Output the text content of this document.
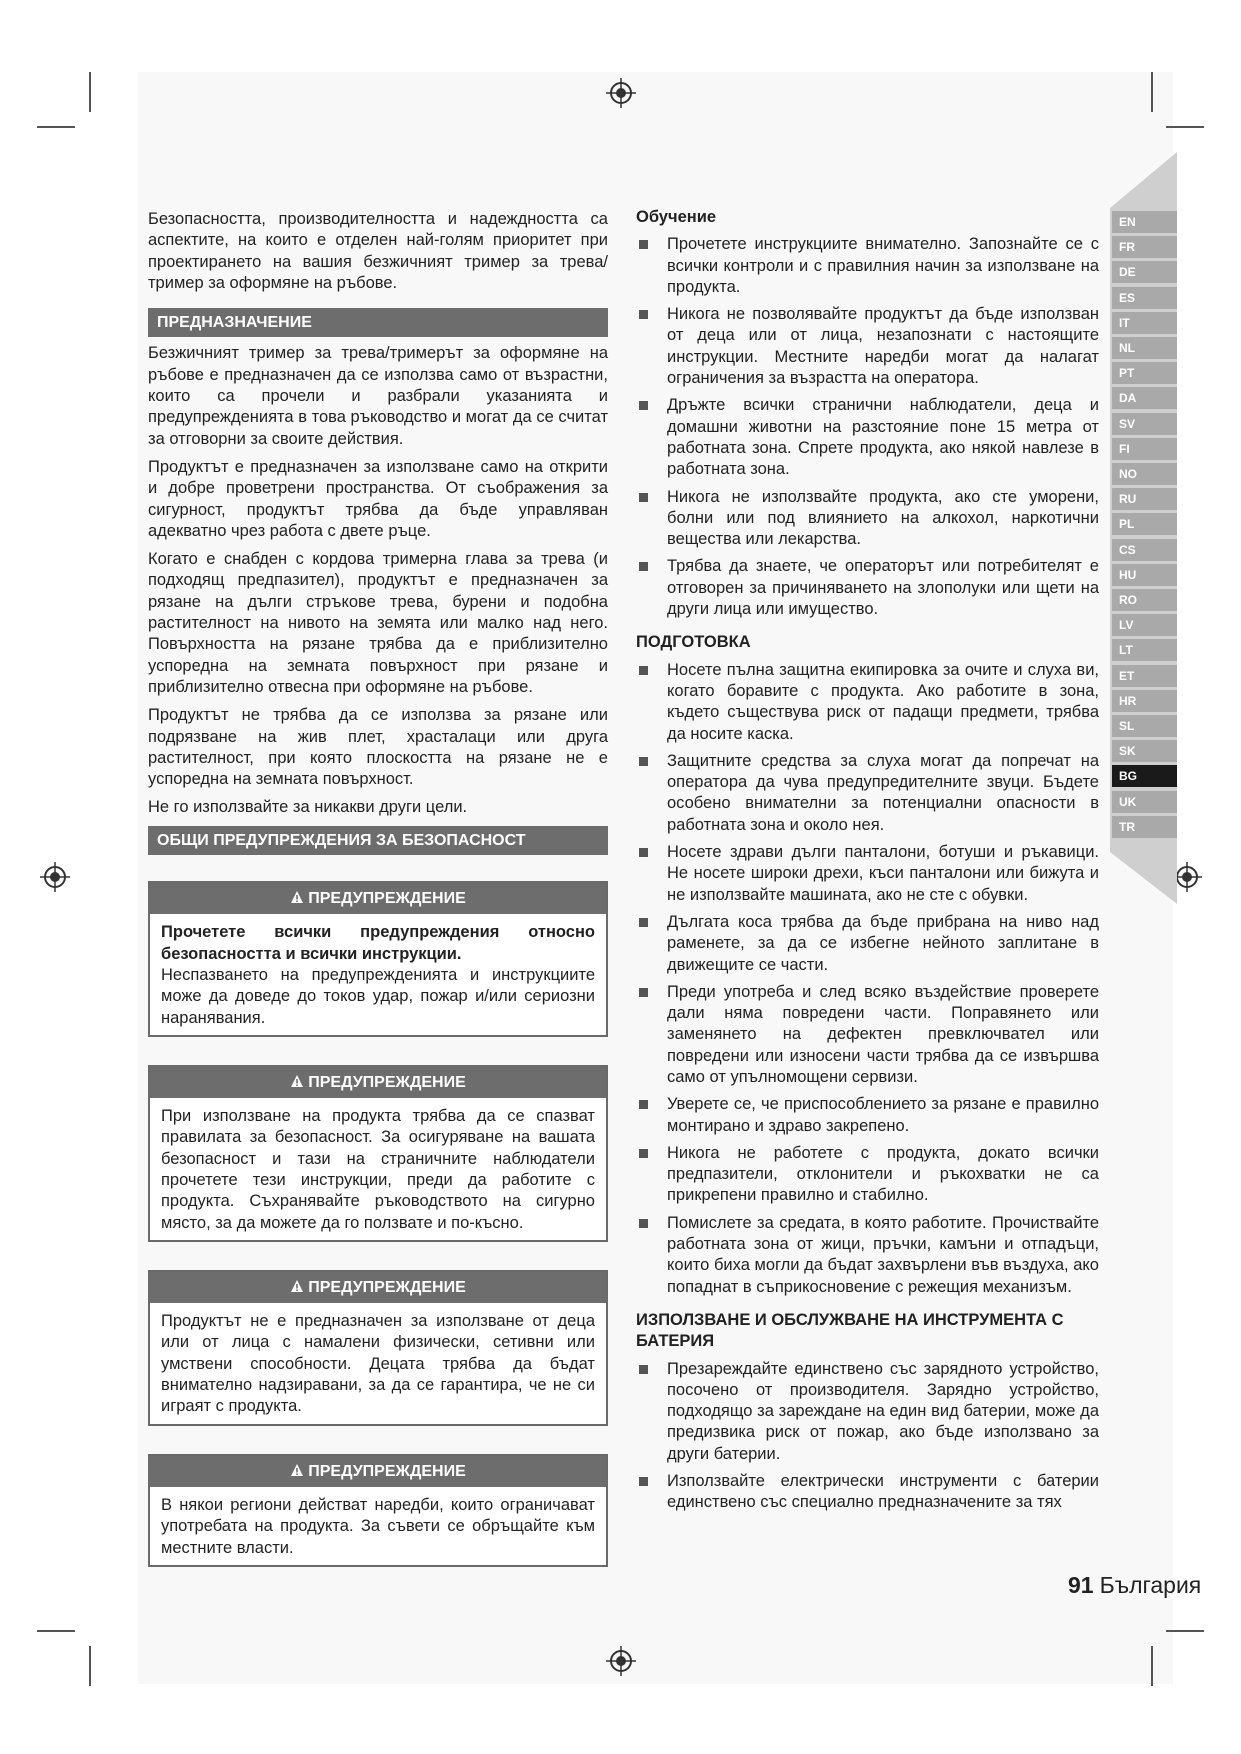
EN
FR
DE
ES
IT
NL
PT
DA
SV
FI
NO
RU
PL
CS
HU
RO
LV
LT
ET
HR
SL
SK
BG
UK
TR

Безопасността, производителността и надеждността са аспектите, на които е отделен най-голям приоритет при проектирането на вашия безжичният тример за трева/тример за оформяне на ръбове.

ПРЕДНАЗНАЧЕНИЕ

Безжичният тример за трева/тримерът за оформяне на ръбове е предназначен да се използва само от възрастни, които са прочели и разбрали указанията и предупрежденията в това ръководство и могат да се считат за отговорни за своите действия.

Продуктът е предназначен за използване само на открити и добре проветрени пространства. От съображения за сигурност, продуктът трябва да бъде управляван адекватно чрез работа с двете ръце.

Когато е снабден с кордова тримерна глава за трева (и подходящ предпазител), продуктът е предназначен за рязане на дълги стръкове трева, бурени и подобна растителност на нивото на земята или малко над него. Повърхността на рязане трябва да е приблизително успоредна на земната повърхност при рязане и приблизително отвесна при оформяне на ръбове.

Продуктът не трябва да се използва за рязане или подрязване на жив плет, храсталаци или друга растителност, при която плоскостта на рязане не е успоредна на земната повърхност.

Не го използвайте за никакви други цели.

ОБЩИ ПРЕДУПРЕЖДЕНИЯ ЗА БЕЗОПАСНОСТ
ПРЕДУПРЕЖДЕНИЕ

Прочетете всички предупреждения относно безопасността и всички инструкции.

Неспазването на предупрежденията и инструкциите може да доведе до токов удар, пожар и/или сериозни наранявания.

ПРЕДУПРЕЖДЕНИЕ

При използване на продукта трябва да се спазват правилата за безопасност. За осигуряване на вашата безопасност и тази на страничните наблюдатели прочетете тези инструкции, преди да работите с продукта. Съхранявайте ръководството на сигурно място, за да можете да го ползвате и по-късно.

ПРЕДУПРЕЖДЕНИЕ

Продуктът не е предназначен за използване от деца или от лица с намалени физически, сетивни или умствени способности. Децата трябва да бъдат внимателно надзиравани, за да се гарантира, че не си играят с продукта.

ПРЕДУПРЕЖДЕНИЕ

В някои региони действат наредби, които ограничават употребата на продукта. За съвети се обръщайте към местните власти.

Обучение
Прочетете инструкциите внимателно. Запознайте се с всички контроли и с правилния начин за използване на продукта.
Никога не позволявайте продуктът да бъде използван от деца или от лица, незапознати с настоящите инструкции. Местните наредби могат да налагат ограничения за възрастта на оператора.
Дръжте всички странични наблюдатели, деца и домашни животни на разстояние поне 15 метра от работната зона. Спрете продукта, ако някой навлезе в работната зона.
Никога не използвайте продукта, ако сте уморени, болни или под влиянието на алкохол, наркотични вещества или лекарства.
Трябва да знаете, че операторът или потребителят е отговорен за причиняването на злополуки или щети на други лица или имущество.
ПОДГОТОВКА
Носете пълна защитна екипировка за очите и слуха ви, когато боравите с продукта. Ако работите в зона, където съществува риск от падащи предмети, трябва да носите каска.
Защитните средства за слуха могат да попречат на оператора да чува предупредителните звуци. Бъдете особено внимателни за потенциални опасности в работната зона и около нея.
Носете здрави дълги панталони, ботуши и ръкавици. Не носете широки дрехи, къси панталони или бижута и не използвайте машината, ако не сте с обувки.
Дългата коса трябва да бъде прибрана на ниво над раменете, за да се избегне нейното заплитане в движещите се части.
Преди употреба и след всяко въздействие проверете дали няма повредени части. Поправянето или заменянето на дефектен превключвател или повредени или износени части трябва да се извършва само от упълномощени сервизи.
Уверете се, че приспособлението за рязане е правилно монтирано и здраво закрепено.
Никога не работете с продукта, докато всички предпазители, отклонители и ръкохватки не са прикрепени правилно и стабилно.
Помислете за средата, в която работите. Прочиствайте работната зона от жици, пръчки, камъни и отпадъци, които биха могли да бъдат захвърлени във въздуха, ако попаднат в съприкосновение с режещия механизъм.
ИЗПОЛЗВАНЕ И ОБСЛУЖВАНЕ НА ИНСТРУМЕНТА С БАТЕРИЯ
Презареждайте единствено със зарядното устройство, посочено от производителя. Зарядно устройство, подходящо за зареждане на един вид батерии, може да предизвика риск от пожар, ако бъде използвано за други батерии.
Използвайте електрически инструменти с батерии единствено със специално предназначените за тях
91 България
